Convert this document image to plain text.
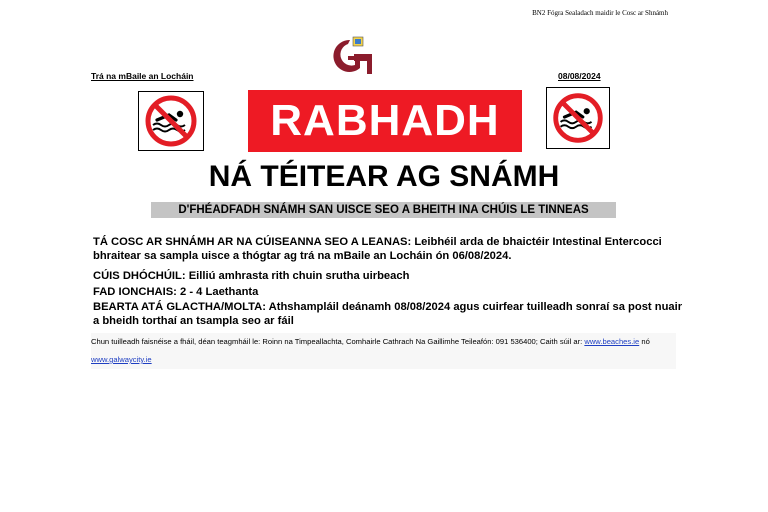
BN2 Fógra Sealadach maidir le Cosc ar Shnámh
Trá na mBaile an Locháin	08/08/2024
RABHADH
NÁ TÉITEAR AG SNÁMH
D'FHÉADFADH SNÁMH SAN UISCE SEO A BHEITH INA CHÚIS LE TINNEAS
TÁ COSC AR SHNÁMH AR NA CÚISEANNA SEO A LEANAS: Leibhéil arda de bhaictéir Intestinal Entercocci bhraitear sa sampla uisce a thógtar ag trá na mBaile an Locháin ón 06/08/2024.
CÚIS DHÓCHÚIL: Eilliú amhrasta rith chuin srutha uirbeach
FAD IONCHAIS: 2 - 4 Laethanta
BEARTA ATÁ GLACTHA/MOLTA: Athshampláil deánamh 08/08/2024 agus cuirfear tuilleadh sonraí sa post nuair a bheidh torthaí an tsampla seo ar fáil
Chun tuilleadh faisnéise a fháil, déan teagmháil le: Roinn na Timpeallachta, Comhairle Cathrach Na Gaillimhe Teileafón: 091 536400; Caith súil ar: www.beaches.ie nó www.galwaycity.ie
